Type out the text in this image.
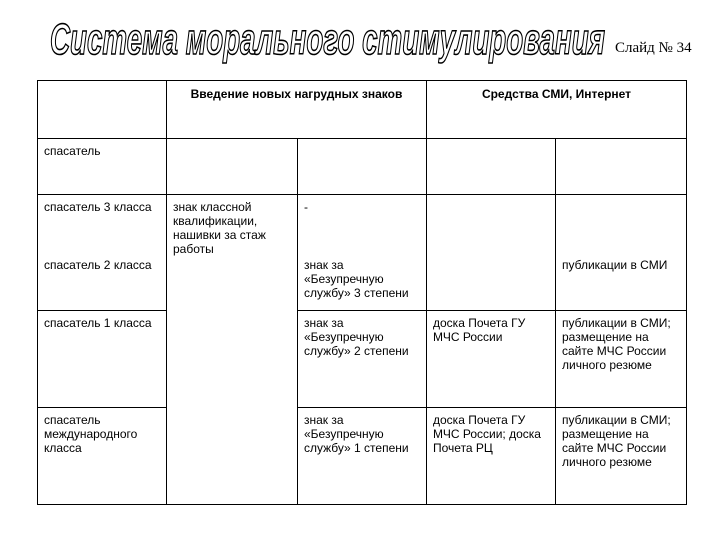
Система морального стимулирования Слайд № 34
	Введение новых нагрудных знаков		Средства СМИ, Интернет	
спасатель				
спасатель 3 класса	знак классной квалификации, нашивки за стаж работы	-		
спасатель 2 класса		знак за «Безупречную службу» 3 степени		публикации в СМИ
спасатель 1 класса		знак за «Безупречную службу» 2 степени	доска Почета ГУ МЧС России	публикации в СМИ; размещение на сайте МЧС России личного резюме
спасатель международного класса		знак за «Безупречную службу» 1 степени	доска Почета ГУ МЧС России; доска Почета РЦ	публикации в СМИ; размещение на сайте МЧС России личного резюме
